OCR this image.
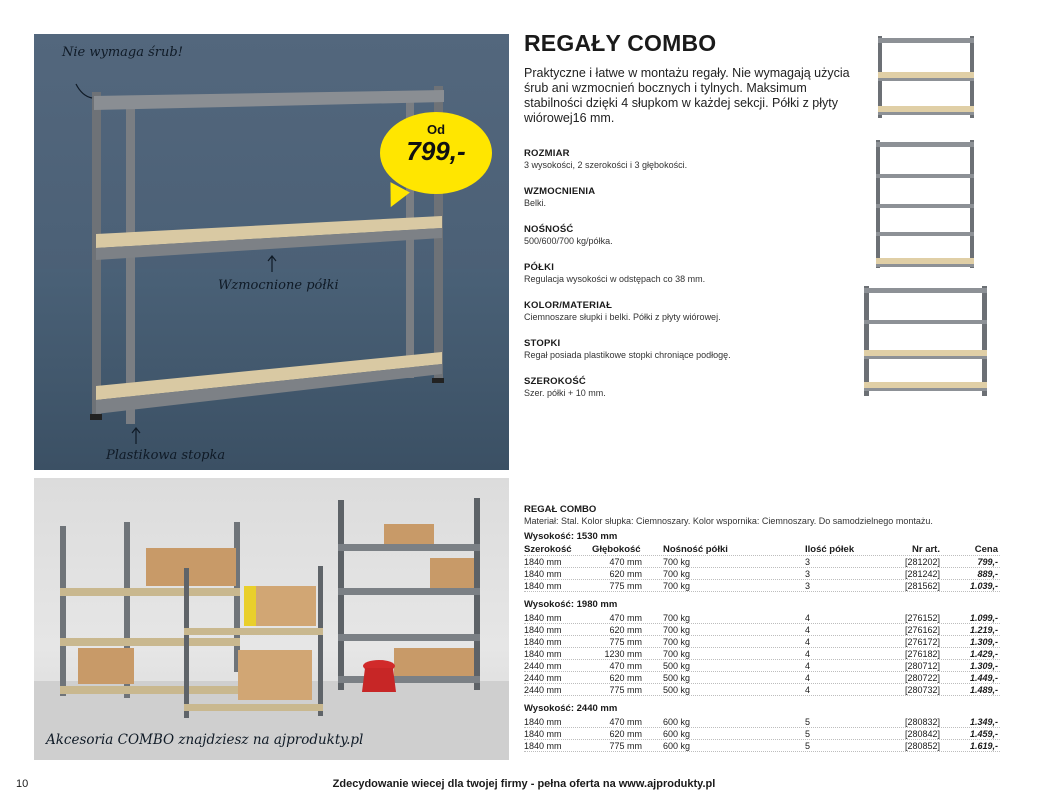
Nie wymaga śrub!
Wzmocnione półki
Plastikowa stopka
Od
799,-
Akcesoria COMBO znajdziesz na ajprodukty.pl
REGAŁY COMBO
Praktyczne i łatwe w montażu regały. Nie wymagają użycia śrub ani wzmocnień bocznych i tylnych. Maksimum stabilności dzięki 4 słupkom w każdej sekcji. Półki z płyty wiórowej16 mm.
ROZMIAR
3 wysokości, 2 szerokości i 3 głębokości.
WZMOCNIENIA
Belki.
NOŚNOŚĆ
500/600/700 kg/półka.
PÓŁKI
Regulacja wysokości w odstępach co 38 mm.
KOLOR/MATERIAŁ
Ciemnoszare słupki i belki. Półki z płyty wiórowej.
STOPKI
Regał posiada plastikowe stopki chroniące podłogę.
SZEROKOŚĆ
Szer. półki + 10 mm.
REGAŁ COMBO
Materiał: Stal. Kolor słupka: Ciemnoszary. Kolor wspornika: Ciemnoszary. Do samodzielnego montażu.
Wysokość: 1530 mm
Szerokość Głębokość Nośność półki	Ilość półek	Nr art.	Cena
1840 mm	470 mm 700 kg	3	[281202]	799,-
1840 mm	620 mm 700 kg	3	[281242]	889,-
1840 mm	775 mm 700 kg	3	[281562]	1.039,-
Wysokość: 1980 mm
1840 mm	470 mm 700 kg	4	[276152]	1.099,-
1840 mm	620 mm 700 kg	4	[276162]	1.219,-
1840 mm	775 mm 700 kg	4	[276172]	1.309,-
1840 mm	1230 mm 700 kg	4	[276182]	1.429,-
2440 mm	470 mm 500 kg	4	[280712]	1.309,-
2440 mm	620 mm 500 kg	4	[280722]	1.449,-
2440 mm	775 mm 500 kg	4	[280732]	1.489,-
Wysokość: 2440 mm
1840 mm	470 mm 600 kg	5	[280832]	1.349,-
1840 mm	620 mm 600 kg	5	[280842]	1.459,-
1840 mm	775 mm 600 kg	5	[280852]	1.619,-
10	Zdecydowanie wiecej dla twojej firmy - pełna oferta na www.ajprodukty.pl
